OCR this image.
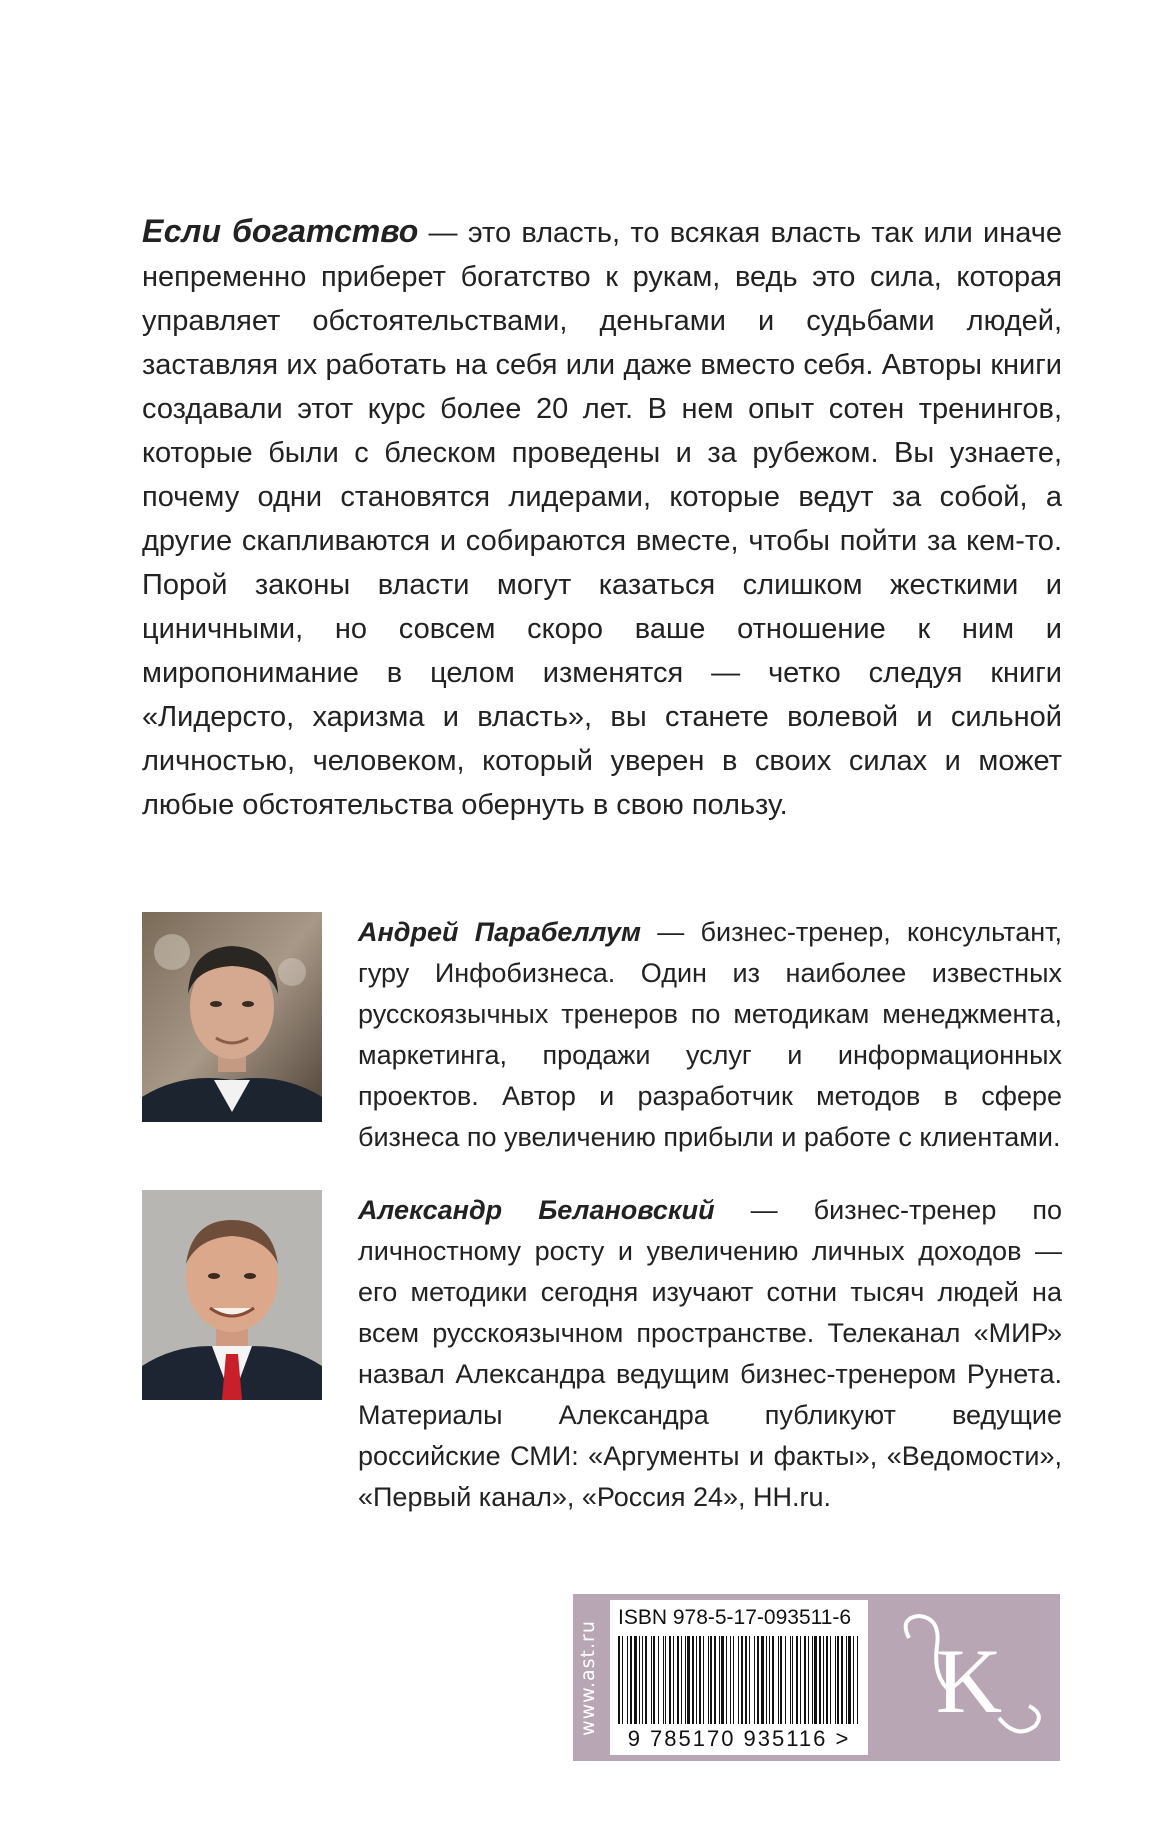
Если богатство — это власть, то всякая власть так или иначе непременно приберет богатство к рукам, ведь это сила, которая управляет обстоятельствами, деньгами и судьбами людей, заставляя их работать на себя или даже вместо себя. Авторы книги создавали этот курс более 20 лет. В нем опыт сотен тренингов, которые были с блеском проведены и за рубежом. Вы узнаете, почему одни становятся лидерами, которые ведут за собой, а другие скапливаются и собираются вместе, чтобы пойти за кем-то. Порой законы власти могут казаться слишком жесткими и циничными, но совсем скоро ваше отношение к ним и миропонимание в целом изменятся — четко следуя книги «Лидерсто, харизма и власть», вы станете волевой и сильной личностью, человеком, который уверен в своих силах и может любые обстоятельства обернуть в свою пользу.

Андрей Парабеллум — бизнес-тренер, консультант, гуру Инфобизнеса. Один из наиболее известных русскоязычных тренеров по методикам менеджмента, маркетинга, продажи услуг и информационных проектов. Автор и разработчик методов в сфере бизнеса по увеличению прибыли и работе с клиентами.

Александр Белановский — бизнес-тренер по личностному росту и увеличению личных доходов — его методики сегодня изучают сотни тысяч людей на всем русскоязычном пространстве. Телеканал «МИР» назвал Александра ведущим бизнес-тренером Рунета. Материалы Александра публикуют ведущие российские СМИ: «Аргументы и факты», «Ведомости», «Первый канал», «Россия 24», HH.ru.

www.ast.ru
ISBN 978-5-17-093511-6
9 785170 935116 >
K
